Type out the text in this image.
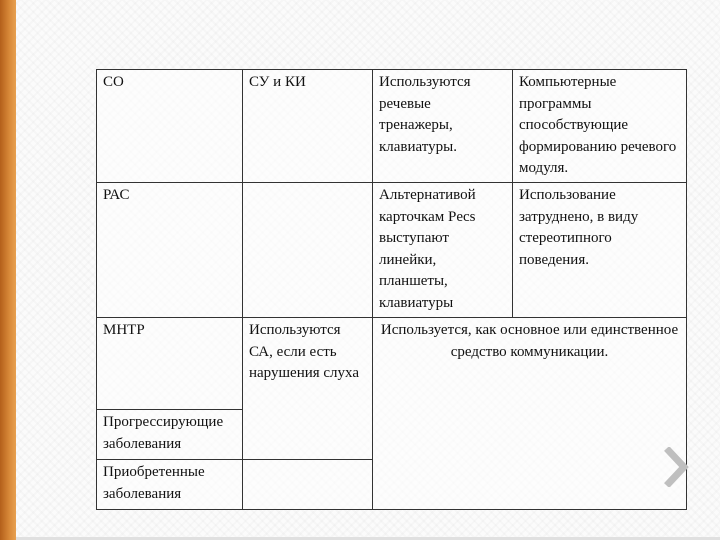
СО	СУ и КИ	Используются речевые тренажеры, клавиатуры.	Компьютерные программы способствующие формированию речевого модуля.
РАС		Альтернативой карточкам Pecs выступают линейки, планшеты, клавиатуры	Использование затруднено, в виду стереотипного поведения.
МНТР	Используются СА, если есть нарушения слуха	Используется, как основное или единственное средство коммуникации.	
Прогрессирующие заболевания			
Приобретенные заболевания			
